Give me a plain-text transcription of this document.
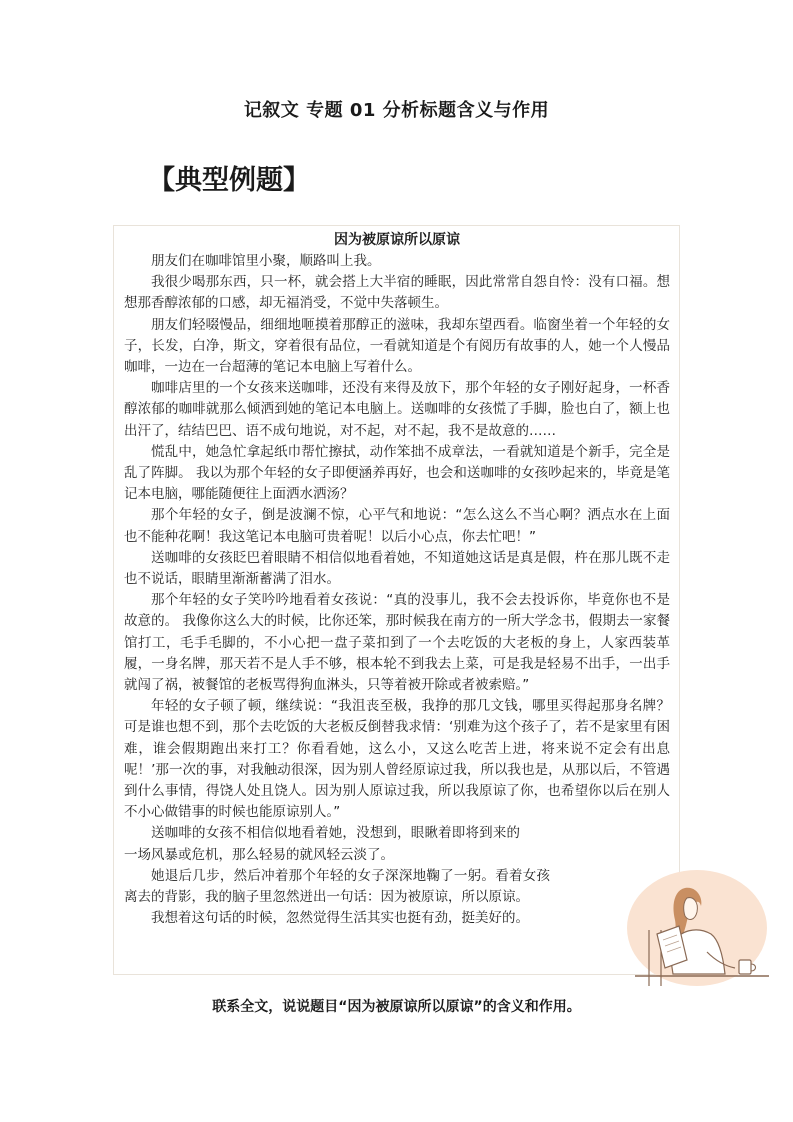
记叙文 专题 01 分析标题含义与作用
【典型例题】
因为被原谅所以原谅

朋友们在咖啡馆里小聚，顺路叫上我。

我很少喝那东西，只一杯，就会搭上大半宿的睡眠，因此常常自怨自怜：没有口福。想想那香醇浓郁的口感，却无福消受，不觉中失落顿生。

朋友们轻啜慢品，细细地咂摸着那醇正的滋味，我却东望西看。临窗坐着一个年轻的女子，长发，白净，斯文，穿着很有品位，一看就知道是个有阅历有故事的人，她一个人慢品咖啡，一边在一台超薄的笔记本电脑上写着什么。

咖啡店里的一个女孩来送咖啡，还没有来得及放下，那个年轻的女子刚好起身，一杯香醇浓郁的咖啡就那么倾洒到她的笔记本电脑上。送咖啡的女孩慌了手脚，脸也白了，额上也出汗了，结结巴巴、语不成句地说，对不起，对不起，我不是故意的……

慌乱中，她急忙拿起纸巾帮忙擦拭，动作笨拙不成章法，一看就知道是个新手，完全是乱了阵脚。 我以为那个年轻的女子即便涵养再好，也会和送咖啡的女孩吵起来的，毕竟是笔记本电脑，哪能随便往上面洒水洒汤？

那个年轻的女子，倒是波澜不惊，心平气和地说：“怎么这么不当心啊？洒点水在上面也不能种花啊！我这笔记本电脑可贵着呢！以后小心点，你去忙吧！”

送咖啡的女孩眨巴着眼睛不相信似地看着她，不知道她这话是真是假，杵在那儿既不走也不说话，眼睛里渐渐蓄满了泪水。

那个年轻的女子笑吟吟地看着女孩说：“真的没事儿，我不会去投诉你，毕竟你也不是故意的。 我像你这么大的时候，比你还笨，那时候我在南方的一所大学念书，假期去一家餐馆打工，毛手毛脚的，不小心把一盘子菜扣到了一个去吃饭的大老板的身上，人家西装革履，一身名牌，那天若不是人手不够，根本轮不到我去上菜，可是我是轻易不出手，一出手就闯了祸，被餐馆的老板骂得狗血淋头，只等着被开除或者被索赔。”

年轻的女子顿了顿，继续说：“我沮丧至极，我挣的那几文钱，哪里买得起那身名牌？可是谁也想不到，那个去吃饭的大老板反倒替我求情：‘别难为这个孩子了，若不是家里有困难，谁会假期跑出来打工？你看看她，这么小，又这么吃苦上进，将来说不定会有出息呢！’那一次的事，对我触动很深，因为别人曾经原谅过我，所以我也是，从那以后，不管遇到什么事情，得饶人处且饶人。因为别人原谅过我，所以我原谅了你，也希望你以后在别人不小心做错事的时候也能原谅别人。”

送咖啡的女孩不相信似地看着她，没想到，眼瞅着即将到来的一场风暴或危机，那么轻易的就风轻云淡了。

她退后几步，然后冲着那个年轻的女子深深地鞠了一躬。看着女孩离去的背影，我的脑子里忽然迸出一句话：因为被原谅，所以原谅。

我想着这句话的时候，忽然觉得生活其实也挺有劲，挺美好的。

联系全文，说说题目“因为被原谅所以原谅”的含义和作用。
